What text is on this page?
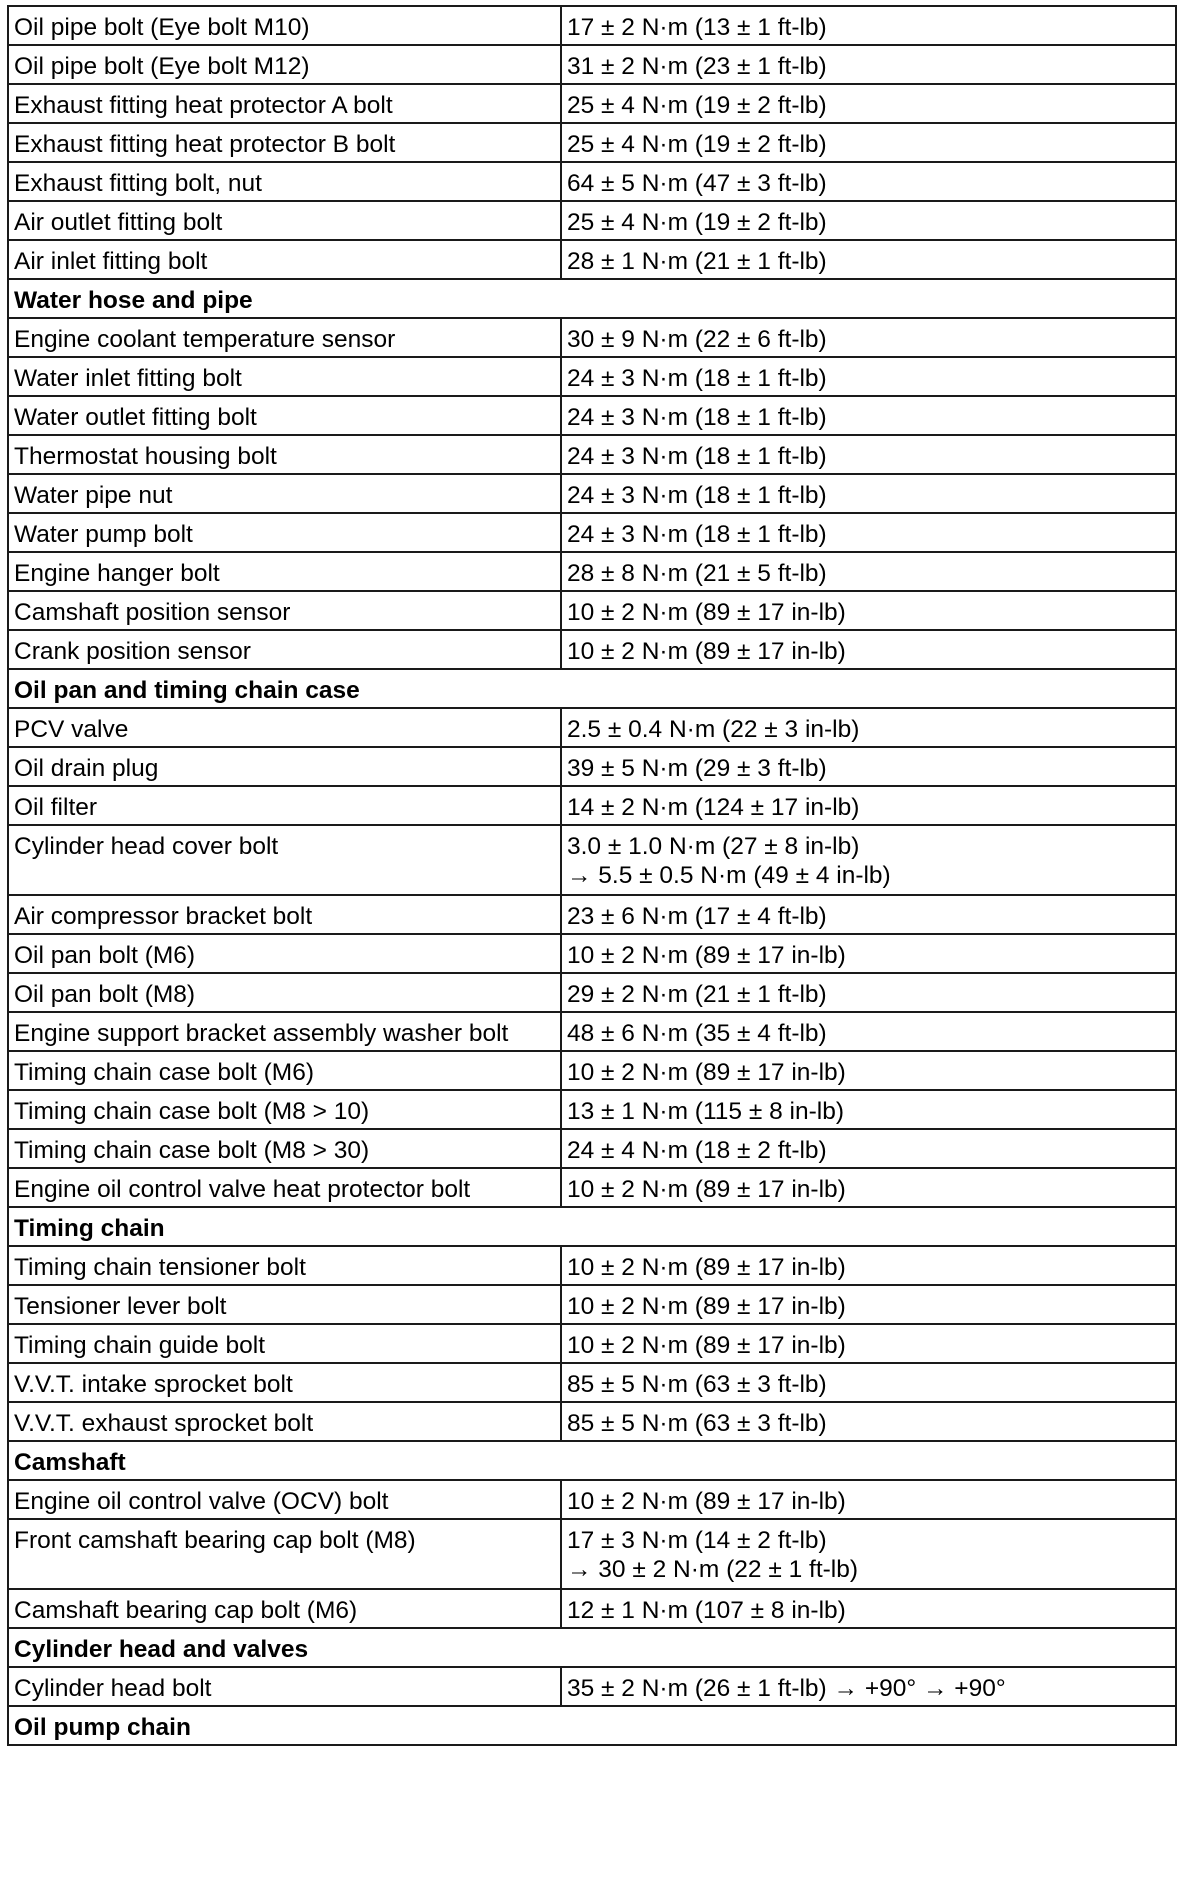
Oil pipe bolt (Eye bolt M10)	17 ± 2 N·m (13 ± 1 ft-lb)

Oil pipe bolt (Eye bolt M12)	31 ± 2 N·m (23 ± 1 ft-lb)

Exhaust fitting heat protector A bolt	25 ± 4 N·m (19 ± 2 ft-lb)

Exhaust fitting heat protector B bolt	25 ± 4 N·m (19 ± 2 ft-lb)

Exhaust fitting bolt, nut	64 ± 5 N·m (47 ± 3 ft-lb)

Air outlet fitting bolt	25 ± 4 N·m (19 ± 2 ft-lb)

Air inlet fitting bolt	28 ± 1 N·m (21 ± 1 ft-lb)

Water hose and pipe	
Engine coolant temperature sensor	30 ± 9 N·m (22 ± 6 ft-lb)

Water inlet fitting bolt	24 ± 3 N·m (18 ± 1 ft-lb)

Water outlet fitting bolt	24 ± 3 N·m (18 ± 1 ft-lb)

Thermostat housing bolt	24 ± 3 N·m (18 ± 1 ft-lb)

Water pipe nut	24 ± 3 N·m (18 ± 1 ft-lb)

Water pump bolt	24 ± 3 N·m (18 ± 1 ft-lb)

Engine hanger bolt	28 ± 8 N·m (21 ± 5 ft-lb)

Camshaft position sensor	10 ± 2 N·m (89 ± 17 in-lb)

Crank position sensor	10 ± 2 N·m (89 ± 17 in-lb)

Oil pan and timing chain case	
PCV valve	2.5 ± 0.4 N·m (22 ± 3 in-lb)

Oil drain plug	39 ± 5 N·m (29 ± 3 ft-lb)

Oil filter	14 ± 2 N·m (124 ± 17 in-lb)

Cylinder head cover bolt	3.0 ± 1.0 N·m (27 ± 8 in-lb)
→ 5.5 ± 0.5 N·m (49 ± 4 in-lb)

Air compressor bracket bolt	23 ± 6 N·m (17 ± 4 ft-lb)

Oil pan bolt (M6)	10 ± 2 N·m (89 ± 17 in-lb)

Oil pan bolt (M8)	29 ± 2 N·m (21 ± 1 ft-lb)

Engine support bracket assembly washer bolt	48 ± 6 N·m (35 ± 4 ft-lb)

Timing chain case bolt (M6)	10 ± 2 N·m (89 ± 17 in-lb)

Timing chain case bolt (M8 > 10)	13 ± 1 N·m (115 ± 8 in-lb)

Timing chain case bolt (M8 > 30)	24 ± 4 N·m (18 ± 2 ft-lb)

Engine oil control valve heat protector bolt	10 ± 2 N·m (89 ± 17 in-lb)

Timing chain	
Timing chain tensioner bolt	10 ± 2 N·m (89 ± 17 in-lb)

Tensioner lever bolt	10 ± 2 N·m (89 ± 17 in-lb)

Timing chain guide bolt	10 ± 2 N·m (89 ± 17 in-lb)

V.V.T. intake sprocket bolt	85 ± 5 N·m (63 ± 3 ft-lb)

V.V.T. exhaust sprocket bolt	85 ± 5 N·m (63 ± 3 ft-lb)

Camshaft	
Engine oil control valve (OCV) bolt	10 ± 2 N·m (89 ± 17 in-lb)

Front camshaft bearing cap bolt (M8)	17 ± 3 N·m (14 ± 2 ft-lb)
→ 30 ± 2 N·m (22 ± 1 ft-lb)

Camshaft bearing cap bolt (M6)	12 ± 1 N·m (107 ± 8 in-lb)

Cylinder head and valves	
Cylinder head bolt	35 ± 2 N·m (26 ± 1 ft-lb) → +90° → +90°

Oil pump chain	
